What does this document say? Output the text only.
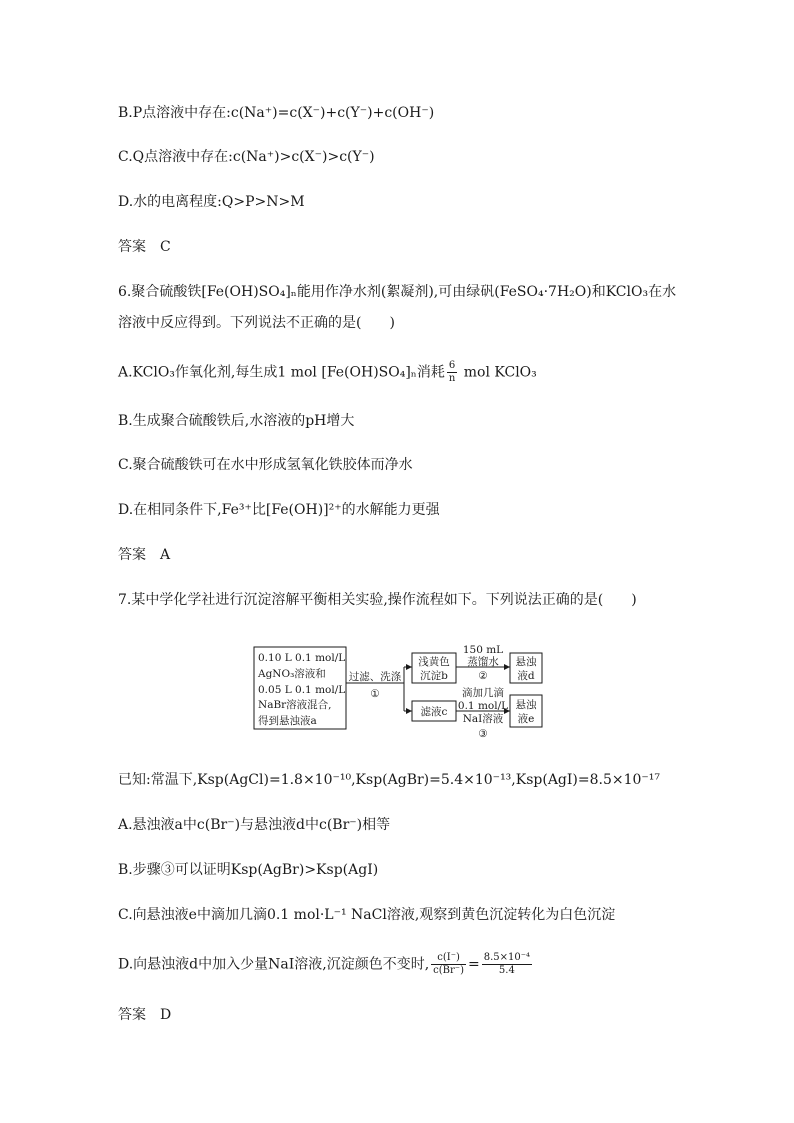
B.P点溶液中存在:c(Na⁺)=c(X⁻)+c(Y⁻)+c(OH⁻)
C.Q点溶液中存在:c(Na⁺)>c(X⁻)>c(Y⁻)
D.水的电离程度:Q>P>N>M
答案　C
6.聚合硫酸铁[Fe(OH)SO₄]ₙ能用作净水剂(絮凝剂),可由绿矾(FeSO₄·7H₂O)和KClO₃在水
溶液中反应得到。下列说法不正确的是(　　)
A.KClO₃作氧化剂,每生成1 mol [Fe(OH)SO₄]ₙ消耗 $\frac{6}{n}$ mol KClO₃
B.生成聚合硫酸铁后,水溶液的pH增大
C.聚合硫酸铁可在水中形成氢氧化铁胶体而净水
D.在相同条件下,Fe³⁺比[Fe(OH)]²⁺的水解能力更强
答案　A
7.某中学化学社进行沉淀溶解平衡相关实验,操作流程如下。下列说法正确的是(　　)
0.10 L 0.1 mol/L
AgNO₃溶液和
0.05 L 0.1 mol/L
NaBr溶液混合,
得到悬浊液a
过滤、洗涤
①
浅黄色
沉淀b
滤液c
150 mL
蒸馏水
②
滴加几滴
0.1 mol/L
NaI溶液
③
悬浊
液d
悬浊
液e
已知:常温下,Ksp(AgCl)=1.8×10⁻¹⁰,Ksp(AgBr)=5.4×10⁻¹³,Ksp(AgI)=8.5×10⁻¹⁷
A.悬浊液a中c(Br⁻)与悬浊液d中c(Br⁻)相等
B.步骤③可以证明Ksp(AgBr)>Ksp(AgI)
C.向悬浊液e中滴加几滴0.1 mol·L⁻¹ NaCl溶液,观察到黄色沉淀转化为白色沉淀
D.向悬浊液d中加入少量NaI溶液,沉淀颜色不变时, $\frac{c(I^-)}{c(Br^-)} = \frac{\text{8.5×10⁻⁴}}{5.4}$
答案　D
